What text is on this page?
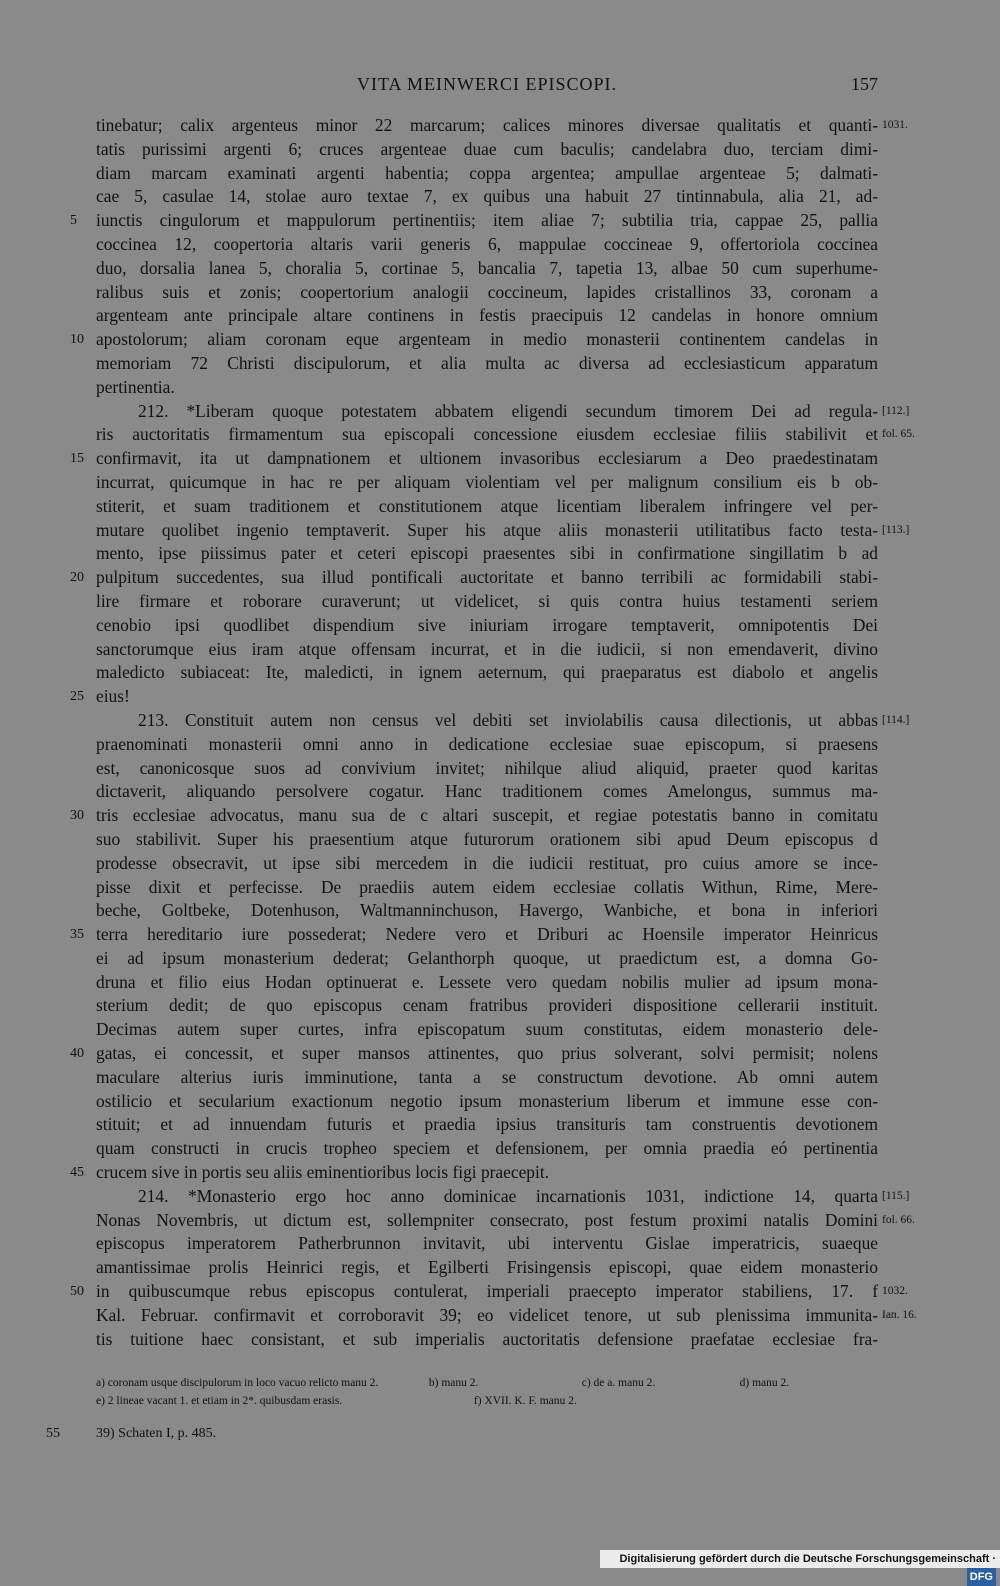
VITA MEINWERCI EPISCOPI.	157
tinebatur; calix argenteus minor 22 marcarum; calices minores diversae qualitatis et quanti- 1031.
tatis purissimi argenti 6; cruces argenteae duae cum baculis; candelabra duo, terciam dimi-
diam marcam examinati argenti habentia; coppa argentea; ampullae argenteae 5; dalmati-
cae 5, casulae 14, stolae auro textae 7, ex quibus una habuit 27 tintinnabula, alia 21, ad-
5	iunctis cingulorum et mappulorum pertinentiis; item aliae 7; subtilia tria, cappae 25, pallia
coccinea 12, coopertoria altaris varii generis 6, mappulae coccineae 9, offertoriola coccinea
duo, dorsalia lanea 5, choralia 5, cortinae 5, bancalia 7, tapetia 13, albae 50 cum superhume-
ralibus suis et zonis; coopertorium analogii coccineum, lapides cristallinos 33, coronam a
argenteam ante principale altare continens in festis praecipuis 12 candelas in honore omnium
10 apostolorum; aliam coronam eque argenteam in medio monasterii continentem candelas in
memoriam 72 Christi discipulorum, et alia multa ac diversa ad ecclesiasticum apparatum
pertinentia.
212. *Liberam quoque potestatem abbatem eligendi secundum timorem Dei ad regula- [112.]
ris auctoritatis firmamentum sua episcopali concessione eiusdem ecclesiae filiis stabilivit et fol. 65.
15 confirmavit, ita ut dampnationem et ultionem invasoribus ecclesiarum a Deo praedestinatam
incurrat, quicumque in hac re per aliquam violentiam vel per malignum consilium eis b ob-
stiterit, et suam traditionem et constitutionem atque licentiam liberalem infringere vel per-
mutare quolibet ingenio temptaverit. Super his atque aliis monasterii utilitatibus facto testa- [113.]
mento, ipse piissimus pater et ceteri episcopi praesentes sibi in confirmatione singillatim b ad
20 pulpitum succedentes, sua illud pontificali auctoritate et banno terribili ac formidabili stabi-
lire firmare et roborare curaverunt; ut videlicet, si quis contra huius testamenti seriem
cenobio ipsi quodlibet dispendium sive iniuriam irrogare temptaverit, omnipotentis Dei
sanctorumque eius iram atque offensam incurrat, et in die iudicii, si non emendaverit, divino
maledicto subiaceat: Ite, maledicti, in ignem aeternum, qui praeparatus est diabolo et angelis
25 eius!
213. Constituit autem non census vel debiti set inviolabilis causa dilectionis, ut abbas [114.]
praenominati monasterii omni anno in dedicatione ecclesiae suae episcopum, si praesens
est, canonicosque suos ad convivium invitet; nihilque aliud aliquid, praeter quod karitas
dictaverit, aliquando persolvere cogatur. Hanc traditionem comes Amelongus, summus ma-
30 tris ecclesiae advocatus, manu sua de c altari suscepit, et regiae potestatis banno in comitatu
suo stabilivit. Super his praesentium atque futurorum orationem sibi apud Deum episcopus d
prodesse obsecravit, ut ipse sibi mercedem in die iudicii restituat, pro cuius amore se ince-
pisse dixit et perfecisse. De praediis autem eidem ecclesiae collatis Withun, Rime, Mere-
beche, Goltbeke, Dotenhuson, Waltmanninchuson, Havergo, Wanbiche, et bona in inferiori
35 terra hereditario iure possederat; Nedere vero et Driburi ac Hoensile imperator Heinricus
ei ad ipsum monasterium dederat; Gelanthorph quoque, ut praedictum est, a domna Go-
druna et filio eius Hodan optinuerat e. Lessete vero quedam nobilis mulier ad ipsum mona-
sterium dedit; de quo episcopus cenam fratribus provideri dispositione cellerarii instituit.
Decimas autem super curtes, infra episcopatum suum constitutas, eidem monasterio dele-
40 gatas, ei concessit, et super mansos attinentes, quo prius solverant, solvi permisit; nolens
maculare alterius iuris imminutione, tanta a se constructum devotione. Ab omni autem
ostilicio et secularium exactionum negotio ipsum monasterium liberum et immune esse con-
stituit; et ad innuendam futuris et praedia ipsius transituris tam construentis devotionem
quam constructi in crucis tropheo speciem et defensionem, per omnia praedia eó pertinentia
45 crucem sive in portis seu aliis eminentioribus locis figi praecepit.
214. *Monasterio ergo hoc anno dominicae incarnationis 1031, indictione 14, quarta [115.]
Nonas Novembris, ut dictum est, sollempniter consecrato, post festum proximi natalis Domini fol. 66.
episcopus imperatorem Patherbrunnon invitavit, ubi interventu Gislae imperatricis, suaeque
amantissimae prolis Heinrici regis, et Egilberti Frisingensis episcopi, quae eidem monasterio
50 in quibuscumque rebus episcopus contulerat, imperiali praecepto imperator stabiliens, 17. f 1032.
Kal. Februar. confirmavit et corroboravit 39; eo videlicet tenore, ut sub plenissima immunita- Ian. 16.
tis tuitione haec consistant, et sub imperialis auctoritatis defensione praefatae ecclesiae fra-
a) coronam usque discipulorum in loco vacuo relicto manu 2.	b) manu 2.	c) de a. manu 2.	d) manu 2.
e) 2 lineae vacant 1. et etiam in 2*. quibusdam erasis.	f) XVII. K. F. manu 2.
55	39) Schaten I, p. 485.
Digitalisierung gefördert durch die Deutsche Forschungsgemeinschaft ·DFG
